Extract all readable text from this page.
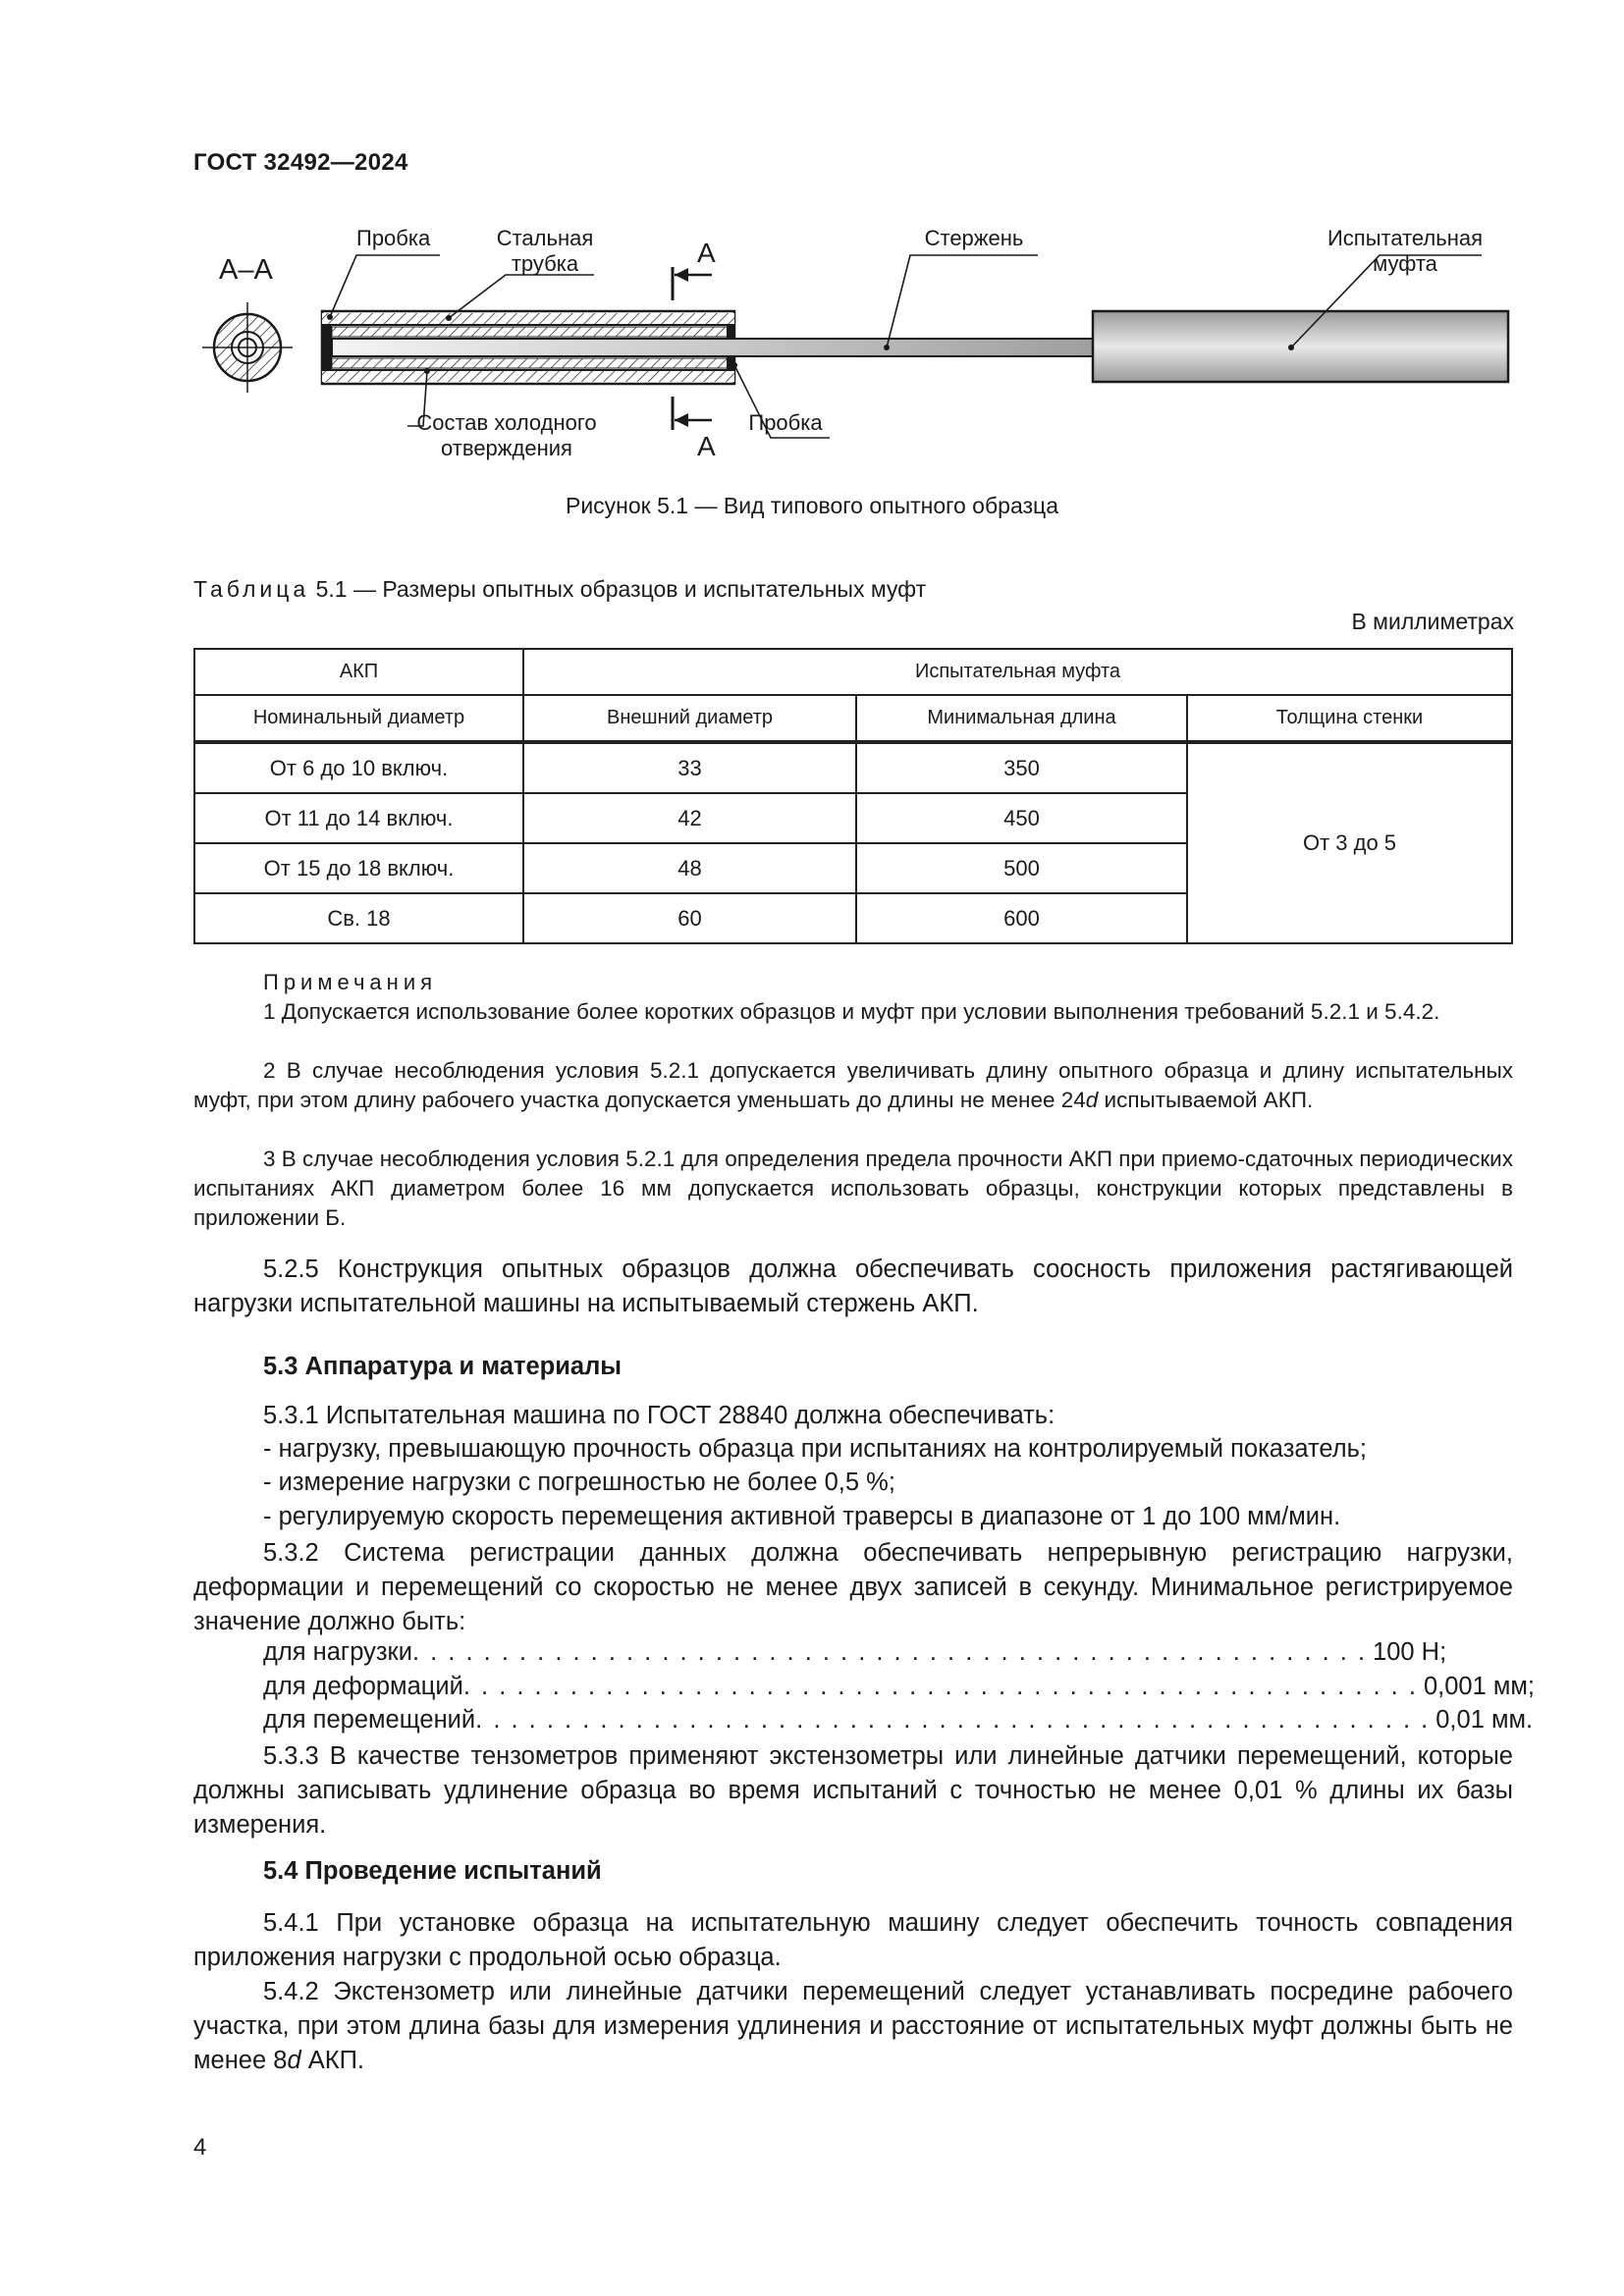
ГОСТ 32492—2024
А–А
А
А
Пробка	Стальная
трубка
Стержень	Испытательная
муфта
Состав холодного
отверждения
Пробка
Рисунок 5.1 — Вид типового опытного образца
Таблица 5.1 — Размеры опытных образцов и испытательных муфт
В миллиметрах
АКП	Испытательная муфта		
Номинальный диаметр	Внешний диаметр	Минимальная длина	Толщина стенки
От 6 до 10 включ.	33	350	От 3 до 5
От 11 до 14 включ.	42	450	
От 15 до 18 включ.	48	500	
Св. 18	60	600	
Примечания
1 Допускается использование более коротких образцов и муфт при условии выполнения требований 5.2.1 и 5.4.2.
2 В случае несоблюдения условия 5.2.1 допускается увеличивать длину опытного образца и длину испытательных муфт, при этом длину рабочего участка допускается уменьшать до длины не менее 24d испытываемой АКП.
3 В случае несоблюдения условия 5.2.1 для определения предела прочности АКП при приемо-сдаточных периодических испытаниях АКП диаметром более 16 мм допускается использовать образцы, конструкции которых представлены в приложении Б.
5.2.5 Конструкция опытных образцов должна обеспечивать соосность приложения растягивающей нагрузки испытательной машины на испытываемый стержень АКП.
5.3 Аппаратура и материалы
5.3.1 Испытательная машина по ГОСТ 28840 должна обеспечивать:
- нагрузку, превышающую прочность образца при испытаниях на контролируемый показатель;
- измерение нагрузки с погрешностью не более 0,5 %;
- регулируемую скорость перемещения активной траверсы в диапазоне от 1 до 100 мм/мин.
5.3.2 Система регистрации данных должна обеспечивать непрерывную регистрацию нагрузки, деформации и перемещений со скоростью не менее двух записей в секунду. Минимальное регистрируемое значение должно быть:
для нагрузки . . . . . . . . . . . . . . . . . . . . . . . . . . . . . . . . . . . . . . . . . . . . . . . . . . . . . . 100 Н;
для деформаций . . . . . . . . . . . . . . . . . . . . . . . . . . . . . . . . . . . . . . . . . . . . . . . . . . . . . . 0,001 мм;
для перемещений . . . . . . . . . . . . . . . . . . . . . . . . . . . . . . . . . . . . . . . . . . . . . . . . . . . . . . 0,01 мм.
5.3.3 В качестве тензометров применяют экстензометры или линейные датчики перемещений, которые должны записывать удлинение образца во время испытаний с точностью не менее 0,01 % длины их базы измерения.
5.4 Проведение испытаний
5.4.1 При установке образца на испытательную машину следует обеспечить точность совпадения приложения нагрузки с продольной осью образца.
5.4.2 Экстензометр или линейные датчики перемещений следует устанавливать посредине рабочего участка, при этом длина базы для измерения удлинения и расстояние от испытательных муфт должны быть не менее 8d АКП.
4
